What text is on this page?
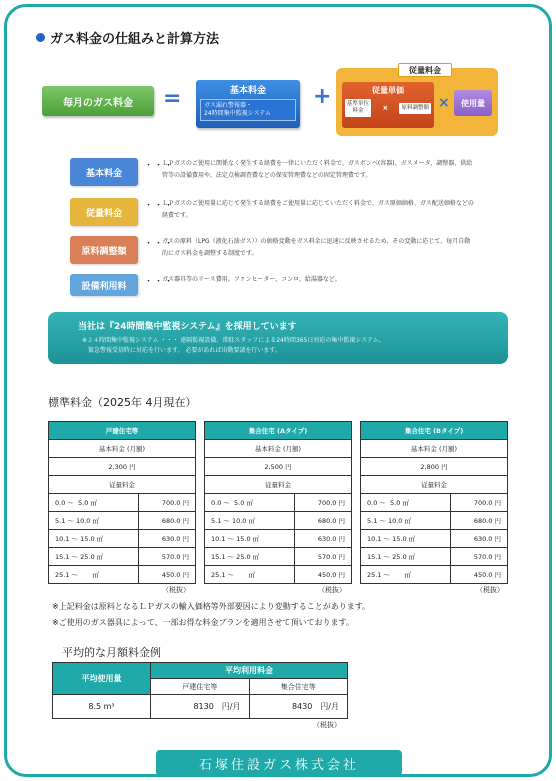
ガス料金の仕組みと計算方法
毎月のガス料金	=	基本料金
ガス漏れ警報器・
24時間集中監視システム
+
従量料金
従量単価
基準単位
料金	×	原料調整額 ×	使用量
基本料金
・・・
ＬＰガスのご使用に関係なく発生する経費を一律にいただく料金で、ガスボンベ(容器)、ガスメータ、調整器、供給管等の設備費用や、法定点検調査費などの保安管理費などの固定管理費です。
従量料金
・・・
ＬＰガスのご使用量に応じて発生する経費をご使用量に応じていただく料金で、ガス原価価格、ガス配送価格などの経費です。
原料調整額
・・・
ガスの原料（LPG（液化石油ガス））の価格変動をガス料金に迅速に反映させるため、その変動に応じて、毎月自動的にガス料金を調整する制度です。
設備利用料	・・・
ガス器具等のリース費用。ファンヒーター、コンロ、給湯器など。
当社は『24時間集中監視システム』を採用しています
※２４時間集中監視システム ・・・ 遠隔監視設備、常駐スタッフによる24時間365日対応の集中監視システム。
　緊急警報受信時に対応を行います。 必要があれば出動要請を行います。
標準料金（2025年 4月現在）
戸建住宅等	
基本料金 (月額)	
2,300 円	
従量料金	
0.0 ～  5.0 ㎥	700.0 円
5.1 ～ 10.0 ㎥	680.0 円
10.1 ～ 15.0 ㎥	630.0 円
15.1 ～ 25.0 ㎥	570.0 円
25.1 ～       ㎥	450.0 円
（税抜）
集合住宅 (Aタイプ)	
基本料金 (月額)	
2,500 円	
従量料金	
0.0 ～  5.0 ㎥	700.0 円
5.1 ～ 10.0 ㎥	680.0 円
10.1 ～ 15.0 ㎥	630.0 円
15.1 ～ 25.0 ㎥	570.0 円
25.1 ～       ㎥	450.0 円
（税抜）
集合住宅 (Bタイプ)	
基本料金 (月額)	
2,800 円	
従量料金	
0.0 ～  5.0 ㎥	700.0 円
5.1 ～ 10.0 ㎥	680.0 円
10.1 ～ 15.0 ㎥	630.0 円
15.1 ～ 25.0 ㎥	570.0 円
25.1 ～       ㎥	450.0 円
（税抜）
※上記料金は原料となるＬＰガスの輸入価格等外部要因により変動することがあります。
※ご使用のガス器具によって、一部お得な料金プランを適用させて頂いております。
平均的な月額料金例
平均使用量	平均利用料金	
	戸建住宅等	集合住宅等
8.5 m³	8130　円/月	8430　円/月
（税抜）
石塚住設ガス株式会社
